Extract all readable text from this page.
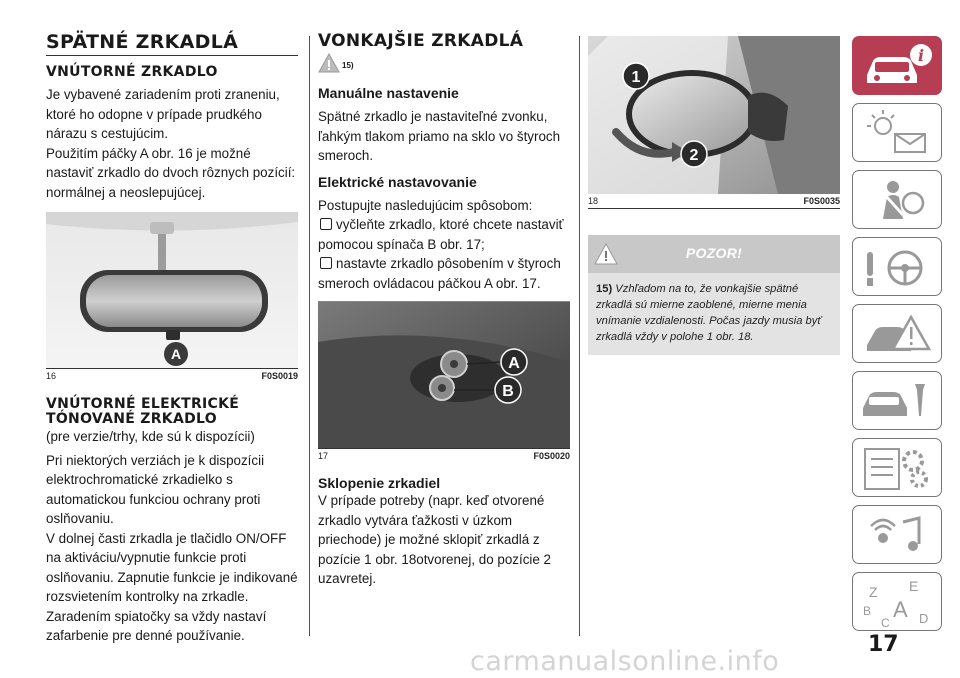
SPÄTNÉ ZRKADLÁ
VNÚTORNÉ ZRKADLO

Je vybavené zariadením proti zraneniu, ktoré ho odopne v prípade prudkého nárazu s cestujúcim.

Použitím páčky A obr. 16 je možné nastaviť zrkadlo do dvoch rôznych pozícií: normálnej a neoslepujúcej.

A
16	F0S0019
VNÚTORNÉ ELEKTRICKÉ
TÓNOVANÉ ZRKADLO

(pre verzie/trhy, kde sú k dispozícii)

Pri niektorých verziách je k dispozícii elektrochromatické zrkadielko s automatickou funkciou ochrany proti oslňovaniu.

V dolnej časti zrkadla je tlačidlo ON/OFF na aktiváciu/vypnutie funkcie proti oslňovaniu. Zapnutie funkcie je indikované rozsvietením kontrolky na zrkadle. Zaradením spiatočky sa vždy nastaví zafarbenie pre denné používanie.

VONKAJŠIE ZRKADLÁ
15)
Manuálne nastavenie

Spätné zrkadlo je nastaviteľné zvonku, ľahkým tlakom priamo na sklo vo štyroch smeroch.

Elektrické nastavovanie

Postupujte nasledujúcim spôsobom:

vyčleňte zrkadlo, ktoré chcete nastaviť pomocou spínača B obr. 17;

nastavte zrkadlo pôsobením v štyroch smeroch ovládacou páčkou A obr. 17.

A
B
17	F0S0020
Sklopenie zrkadiel

V prípade potreby (napr. keď otvorené zrkadlo vytvára ťažkosti v úzkom priechode) je možné sklopiť zrkadlá z pozície 1 obr. 18otvorenej, do pozície 2 uzavretej.

1
2
18	F0S0035
POZOR!
15) Vzhľadom na to, že vonkajšie spätné zrkadlá sú mierne zaoblené, mierne menia vnímanie vzdialenosti. Počas jazdy musia byť zrkadlá vždy v polohe 1 obr. 18.
i
Z E
B A
C D
17
carmanualsonline.info
